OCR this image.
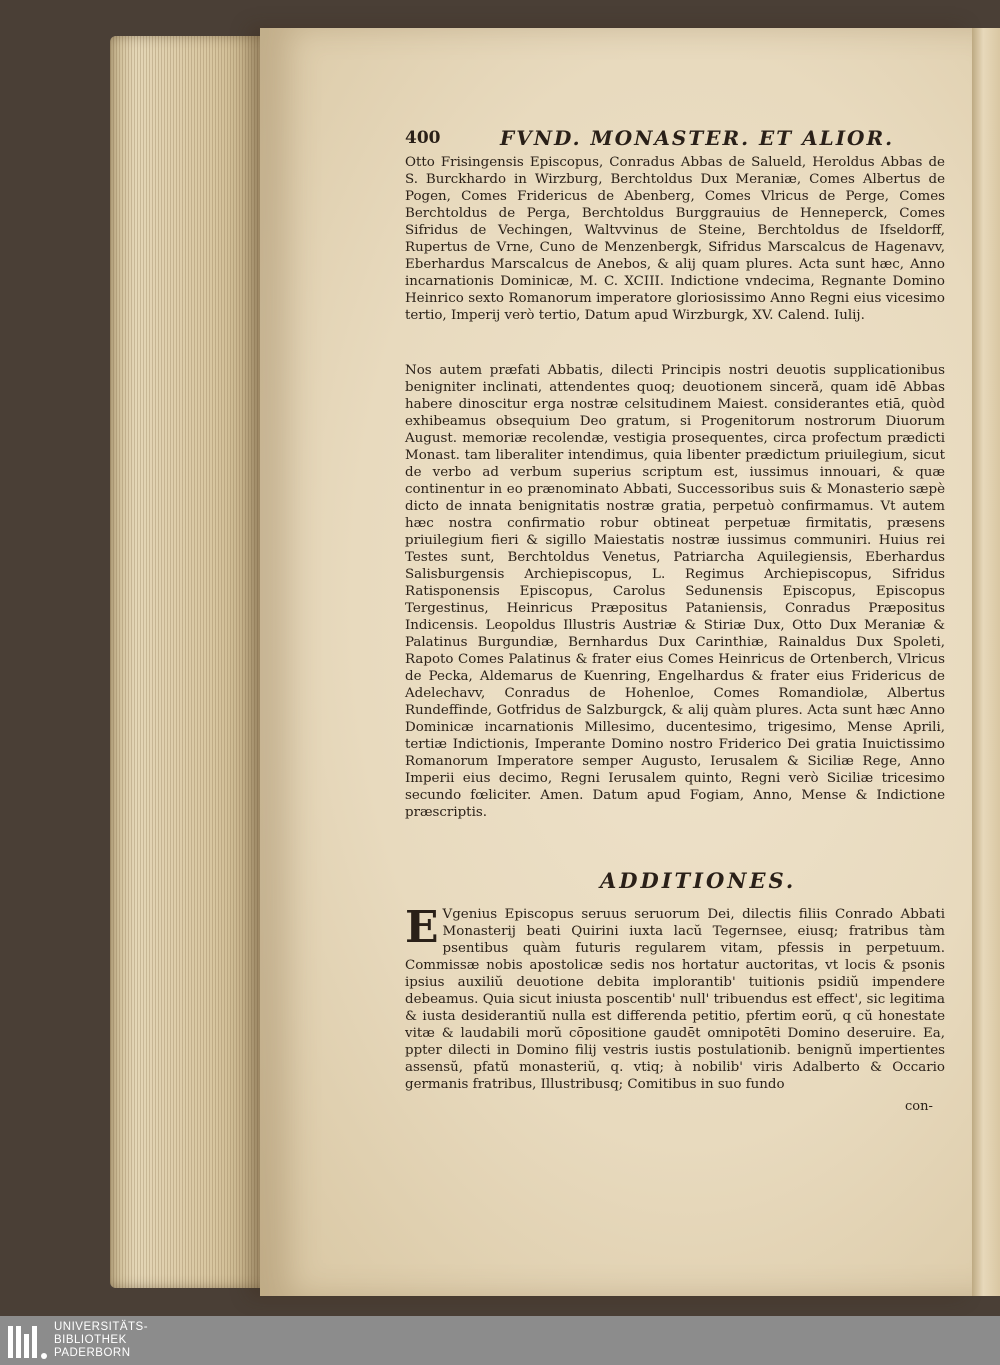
400	FVND. MONASTER. ET ALIOR.

Otto Frisingensis Episcopus, Conradus Abbas de Salueld, Heroldus Abbas de S. Burckhardo in Wirzburg, Berchtoldus Dux Meraniæ, Comes Albertus de Pogen, Comes Fridericus de Abenberg, Comes Vlricus de Perge, Comes Berchtoldus de Perga, Berchtoldus Burggrauius de Henneperck, Comes Sifridus de Vechingen, Waltvvinus de Steine, Berchtoldus de Ifseldorff, Rupertus de Vrne, Cuno de Menzenbergk, Sifridus Marscalcus de Hagenavv, Eberhardus Marscalcus de Anebos, & alij quam plures. Acta sunt hæc, Anno incarnationis Dominicæ, M. C. XCIII. Indictione vndecima, Regnante Domino Heinrico sexto Romanorum imperatore gloriosissimo Anno Regni eius vicesimo tertio, Imperij verò tertio, Datum apud Wirzburgk, XV. Calend. Iulij.

Nos autem præfati Abbatis, dilecti Principis nostri deuotis supplicationibus benigniter inclinati, attendentes quoq; deuotionem sinceră, quam idē Abbas habere dinoscitur erga nostræ celsitudinem Maiest. considerantes etiā, quòd exhibeamus obsequium Deo gratum, si Progenitorum nostrorum Diuorum August. memoriæ recolendæ, vestigia prosequentes, circa profectum prædicti Monast. tam liberaliter intendimus, quia libenter prædictum priuilegium, sicut de verbo ad verbum superius scriptum est, iussimus innouari, & quæ continentur in eo prænominato Abbati, Successoribus suis & Monasterio sæpè dicto de innata benignitatis nostræ gratia, perpetuò confirmamus. Vt autem hæc nostra confirmatio robur obtineat perpetuæ firmitatis, præsens priuilegium fieri & sigillo Maiestatis nostræ iussimus communiri. Huius rei Testes sunt, Berchtoldus Venetus, Patriarcha Aquilegiensis, Eberhardus Salisburgensis Archiepiscopus, L. Regimus Archiepiscopus, Sifridus Ratisponensis Episcopus, Carolus Sedunensis Episcopus, Episcopus Tergestinus, Heinricus Præpositus Pataniensis, Conradus Præpositus Indicensis. Leopoldus Illustris Austriæ & Stiriæ Dux, Otto Dux Meraniæ & Palatinus Burgundiæ, Bernhardus Dux Carinthiæ, Rainaldus Dux Spoleti, Rapoto Comes Palatinus & frater eius Comes Heinricus de Ortenberch, Vlricus de Pecka, Aldemarus de Kuenring, Engelhardus & frater eius Fridericus de Adelechavv, Conradus de Hohenloe, Comes Romandiolæ, Albertus Rundeffinde, Gotfridus de Salzburgck, & alij quàm plures. Acta sunt hæc Anno Dominicæ incarnationis Millesimo, ducentesimo, trigesimo, Mense Aprili, tertiæ Indictionis, Imperante Domino nostro Friderico Dei gratia Inuictissimo Romanorum Imperatore semper Augusto, Ierusalem & Siciliæ Rege, Anno Imperii eius decimo, Regni Ierusalem quinto, Regni verò Siciliæ tricesimo secundo fœliciter. Amen. Datum apud Fogiam, Anno, Mense & Indictione præscriptis.

ADDITIONES.
E Vgenius Episcopus seruus seruorum Dei, dilectis filiis Conrado Abbati Monasterij beati Quirini iuxta lacŭ Tegernsee, eiusq; fratribus tàm psentibus quàm futuris regularem vitam, pfessis in perpetuum. Commissæ nobis apostolicæ sedis nos hortatur auctoritas, vt locis & psonis ipsius auxiliŭ deuotione debita implorantib' tuitionis psidiŭ impendere debeamus. Quia sicut iniusta poscentib' null' tribuendus est effect', sic legitima & iusta desiderantiŭ nulla est differenda petitio, pfertim eorŭ, q cŭ honestate vitæ & laudabili morŭ cōpositione gaudēt omnipotēti Domino deseruire. Ea, ppter dilecti in Domino filij vestris iustis postulationib. benignŭ impertientes assensŭ, pfatŭ monasteriŭ, q. vtiq; à nobilib' viris Adalberto & Occario germanis fratribus, Illustribusq; Comitibus in suo fundo

con-
UNIVERSITÄTS-
BIBLIOTHEK
PADERBORN
